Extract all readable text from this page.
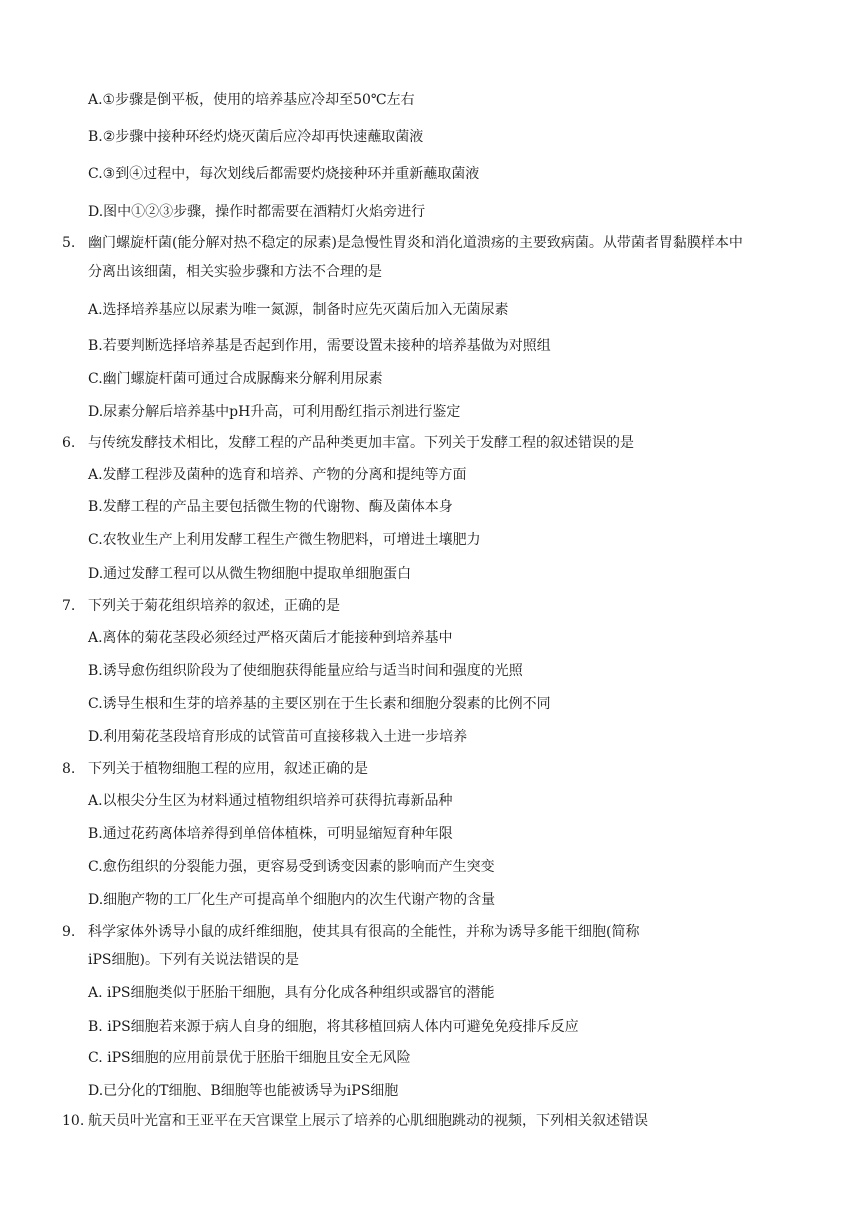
A.①步骤是倒平板，使用的培养基应冷却至50℃左右
B.②步骤中接种环经灼烧灭菌后应冷却再快速蘸取菌液
C.③到④过程中，每次划线后都需要灼烧接种环并重新蘸取菌液
D.图中①②③步骤，操作时都需要在酒精灯火焰旁进行
5. 幽门螺旋杆菌(能分解对热不稳定的尿素)是急慢性胃炎和消化道溃疡的主要致病菌。从带菌者胃黏膜样本中
分离出该细菌，相关实验步骤和方法不合理的是
A.选择培养基应以尿素为唯一氮源，制备时应先灭菌后加入无菌尿素
B.若要判断选择培养基是否起到作用，需要设置未接种的培养基做为对照组
C.幽门螺旋杆菌可通过合成脲酶来分解利用尿素
D.尿素分解后培养基中pH升高，可利用酚红指示剂进行鉴定
6. 与传统发酵技术相比，发酵工程的产品种类更加丰富。下列关于发酵工程的叙述错误的是
A.发酵工程涉及菌种的选育和培养、产物的分离和提纯等方面
B.发酵工程的产品主要包括微生物的代谢物、酶及菌体本身
C.农牧业生产上利用发酵工程生产微生物肥料，可增进土壤肥力
D.通过发酵工程可以从微生物细胞中提取单细胞蛋白
7. 下列关于菊花组织培养的叙述，正确的是
A.离体的菊花茎段必须经过严格灭菌后才能接种到培养基中
B.诱导愈伤组织阶段为了使细胞获得能量应给与适当时间和强度的光照
C.诱导生根和生芽的培养基的主要区别在于生长素和细胞分裂素的比例不同
D.利用菊花茎段培育形成的试管苗可直接移栽入土进一步培养
8. 下列关于植物细胞工程的应用，叙述正确的是
A.以根尖分生区为材料通过植物组织培养可获得抗毒新品种
B.通过花药离体培养得到单倍体植株，可明显缩短育种年限
C.愈伤组织的分裂能力强，更容易受到诱变因素的影响而产生突变
D.细胞产物的工厂化生产可提高单个细胞内的次生代谢产物的含量
9. 科学家体外诱导小鼠的成纤维细胞，使其具有很高的全能性，并称为诱导多能干细胞(简称
iPS细胞)。下列有关说法错误的是
A. iPS细胞类似于胚胎干细胞，具有分化成各种组织或器官的潜能
B. iPS细胞若来源于病人自身的细胞，将其移植回病人体内可避免免疫排斥反应
C. iPS细胞的应用前景优于胚胎干细胞且安全无风险
D.已分化的T细胞、B细胞等也能被诱导为iPS细胞
10. 航天员叶光富和王亚平在天宫课堂上展示了培养的心肌细胞跳动的视频，下列相关叙述错误
